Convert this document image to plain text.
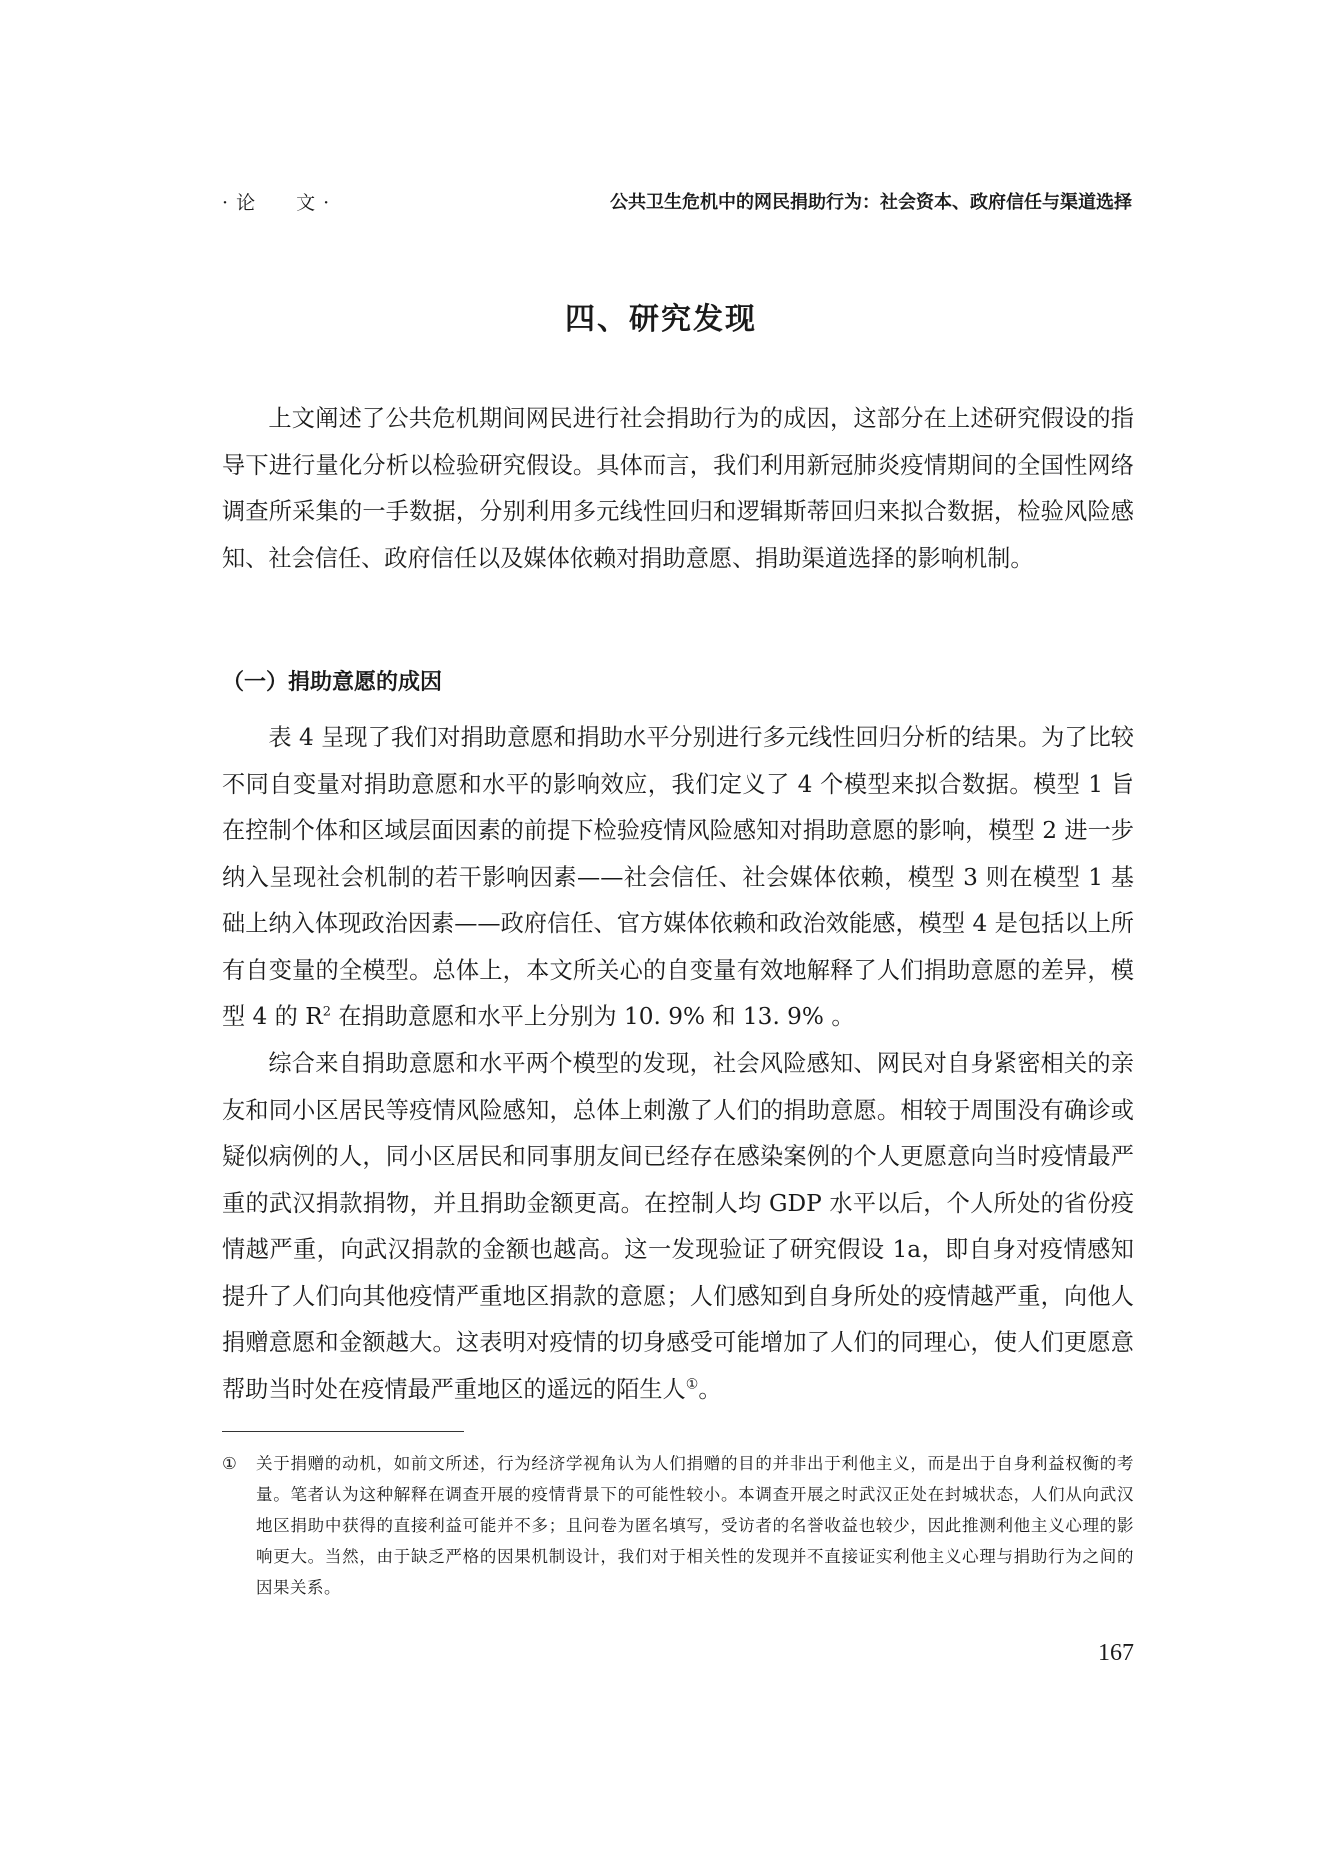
· 论　　文 ·	公共卫生危机中的网民捐助行为：社会资本、政府信任与渠道选择
四、研究发现
上文阐述了公共危机期间网民进行社会捐助行为的成因，这部分在上述研究假设的指导下进行量化分析以检验研究假设。具体而言，我们利用新冠肺炎疫情期间的全国性网络调查所采集的一手数据，分别利用多元线性回归和逻辑斯蒂回归来拟合数据，检验风险感知、社会信任、政府信任以及媒体依赖对捐助意愿、捐助渠道选择的影响机制。
（一）捐助意愿的成因
表 4 呈现了我们对捐助意愿和捐助水平分别进行多元线性回归分析的结果。为了比较不同自变量对捐助意愿和水平的影响效应，我们定义了 4 个模型来拟合数据。模型 1 旨在控制个体和区域层面因素的前提下检验疫情风险感知对捐助意愿的影响，模型 2 进一步纳入呈现社会机制的若干影响因素——社会信任、社会媒体依赖，模型 3 则在模型 1 基础上纳入体现政治因素——政府信任、官方媒体依赖和政治效能感，模型 4 是包括以上所有自变量的全模型。总体上，本文所关心的自变量有效地解释了人们捐助意愿的差异，模型 4 的 $R^2$ 在捐助意愿和水平上分别为 10. 9% 和 13. 9% 。
综合来自捐助意愿和水平两个模型的发现，社会风险感知、网民对自身紧密相关的亲友和同小区居民等疫情风险感知，总体上刺激了人们的捐助意愿。相较于周围没有确诊或疑似病例的人，同小区居民和同事朋友间已经存在感染案例的个人更愿意向当时疫情最严重的武汉捐款捐物，并且捐助金额更高。在控制人均 GDP 水平以后，个人所处的省份疫情越严重，向武汉捐款的金额也越高。这一发现验证了研究假设 1a，即自身对疫情感知提升了人们向其他疫情严重地区捐款的意愿；人们感知到自身所处的疫情越严重，向他人捐赠意愿和金额越大。这表明对疫情的切身感受可能增加了人们的同理心，使人们更愿意帮助当时处在疫情最严重地区的遥远的陌生人①。
①	关于捐赠的动机，如前文所述，行为经济学视角认为人们捐赠的目的并非出于利他主义，而是出于自身利益权衡的考量。笔者认为这种解释在调查开展的疫情背景下的可能性较小。本调查开展之时武汉正处在封城状态，人们从向武汉地区捐助中获得的直接利益可能并不多；且问卷为匿名填写，受访者的名誉收益也较少，因此推测利他主义心理的影响更大。当然，由于缺乏严格的因果机制设计，我们对于相关性的发现并不直接证实利他主义心理与捐助行为之间的因果关系。
167
